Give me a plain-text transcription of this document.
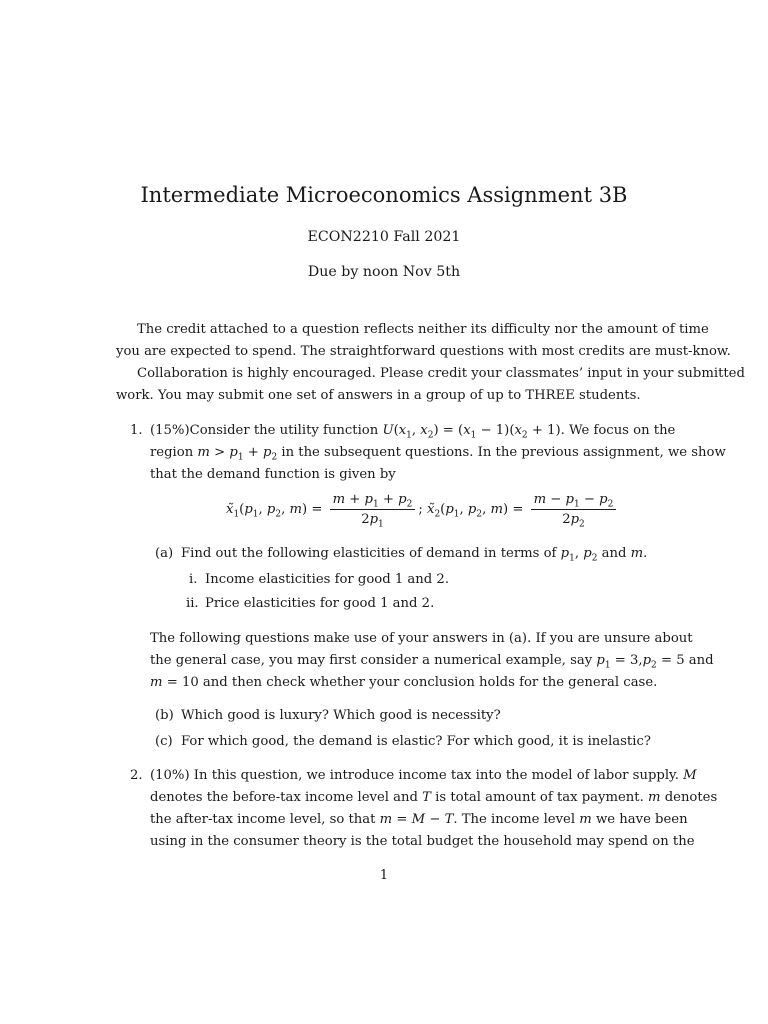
Intermediate Microeconomics Assignment 3B
ECON2210 Fall 2021
Due by noon Nov 5th
The credit attached to a question reflects neither its difficulty nor the amount of time
you are expected to spend. The straightforward questions with most credits are must-know.
Collaboration is highly encouraged. Please credit your classmates’ input in your submitted
work. You may submit one set of answers in a group of up to THREE students.
1. (15%)Consider the utility function $U(x_1$, $x_2) = (x_1 - 1)(x_2 + 1)$. We focus on the
region $m > p_1 + p_2$ in the subsequent questions. In the previous assignment, we show
that the demand function is given by
$x̃_1(p_1$, $p_2$, $m) = \frac{m + p_1 + p_2}{2p_1}$ ; $x̃_2(p_1$, $p_2$, $m) = \frac{m - p_1 - p_2}{2p_2}$
(a) Find out the following elasticities of demand in terms of $p_1$, $p_2$ and m.
i. Income elasticities for good 1 and 2.
ii. Price elasticities for good 1 and 2.
The following questions make use of your answers in (a). If you are unsure about
the general case, you may first consider a numerical example, say $p_1 = 3,p_2 = 5$ and
m = 10 and then check whether your conclusion holds for the general case.
(b) Which good is luxury? Which good is necessity?
(c) For which good, the demand is elastic? For which good, it is inelastic?
2. (10%) In this question, we introduce income tax into the model of labor supply. M
denotes the before-tax income level and T is total amount of tax payment. m denotes
the after-tax income level, so that m = M − T. The income level m we have been
using in the consumer theory is the total budget the household may spend on the
1
